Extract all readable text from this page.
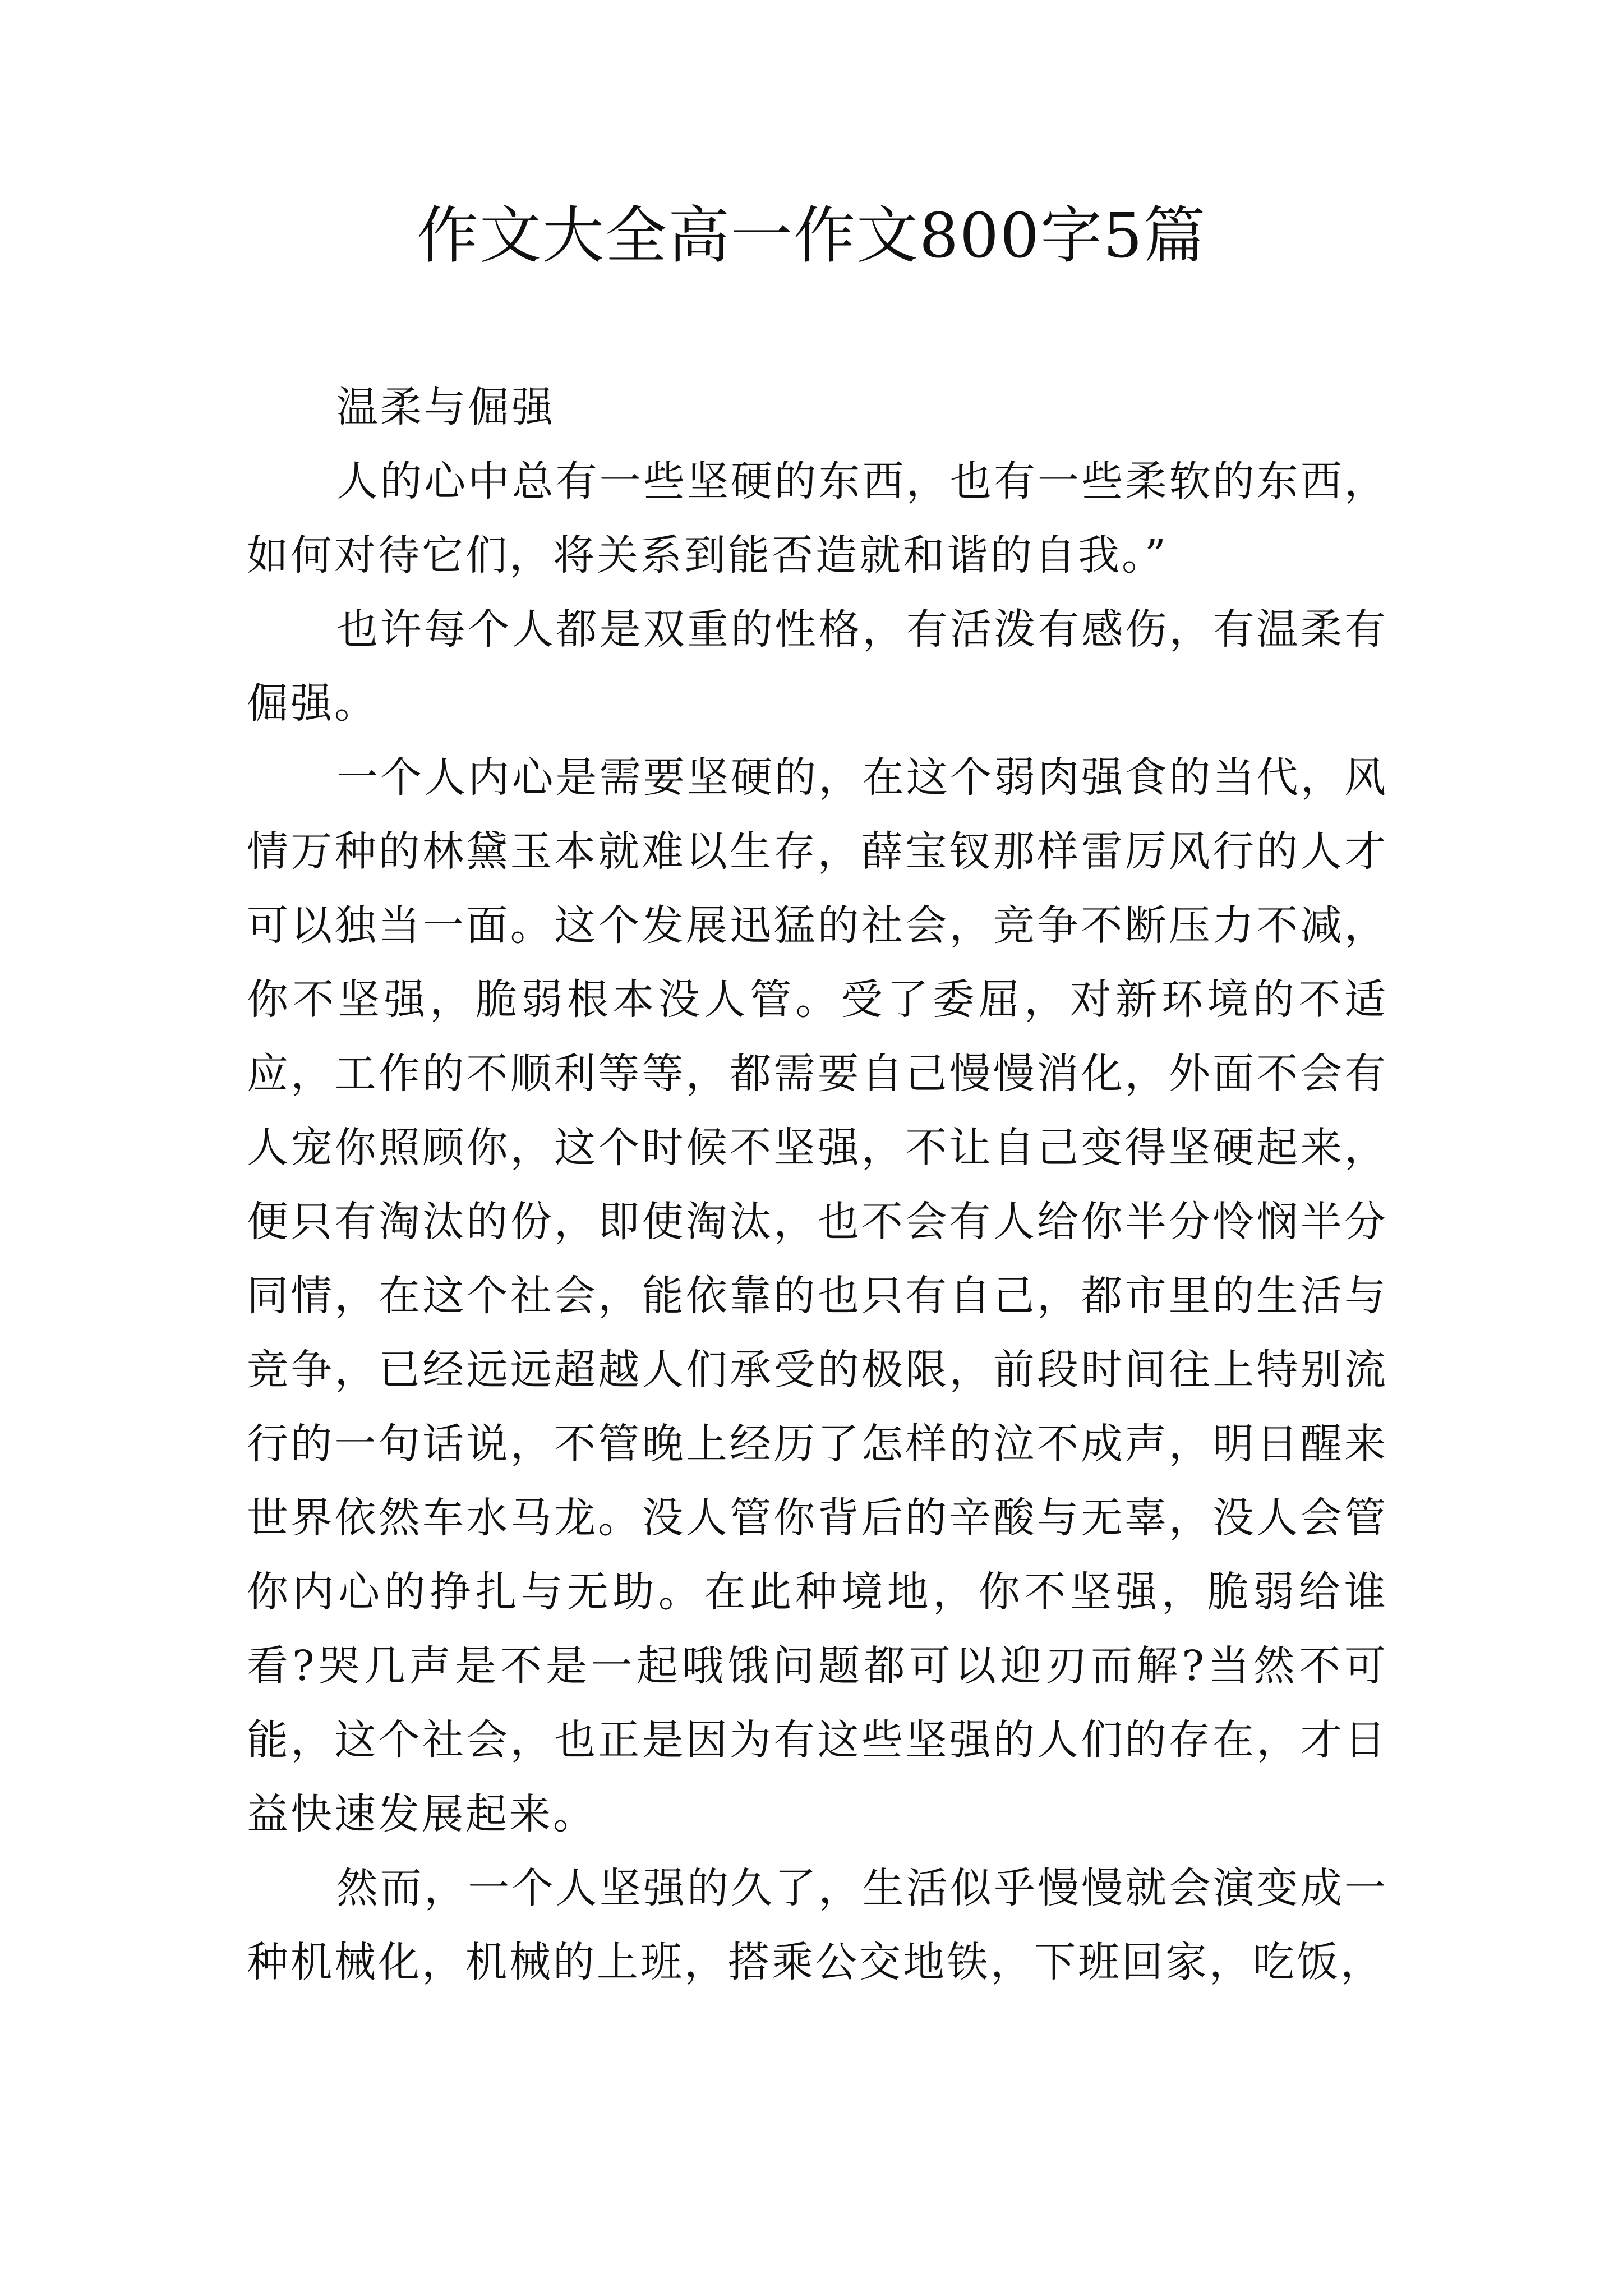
作文大全高一作文800字5篇

温柔与倔强

人的心中总有一些坚硬的东西，也有一些柔软的东西，如何对待它们，将关系到能否造就和谐的自我。”

也许每个人都是双重的性格，有活泼有感伤，有温柔有倔强。

一个人内心是需要坚硬的，在这个弱肉强食的当代，风情万种的林黛玉本就难以生存，薛宝钗那样雷厉风行的人才可以独当一面。这个发展迅猛的社会，竞争不断压力不减，你不坚强，脆弱根本没人管。受了委屈，对新环境的不适应，工作的不顺利等等，都需要自己慢慢消化，外面不会有人宠你照顾你，这个时候不坚强，不让自己变得坚硬起来，便只有淘汰的份，即使淘汰，也不会有人给你半分怜悯半分同情，在这个社会，能依靠的也只有自己，都市里的生活与竞争，已经远远超越人们承受的极限，前段时间往上特别流行的一句话说，不管晚上经历了怎样的泣不成声，明日醒来世界依然车水马龙。没人管你背后的辛酸与无辜，没人会管你内心的挣扎与无助。在此种境地，你不坚强，脆弱给谁看?哭几声是不是一起哦饿问题都可以迎刃而解?当然不可能，这个社会，也正是因为有这些坚强的人们的存在，才日益快速发展起来。

然而，一个人坚强的久了，生活似乎慢慢就会演变成一种机械化，机械的上班，搭乘公交地铁，下班回家，吃饭，
